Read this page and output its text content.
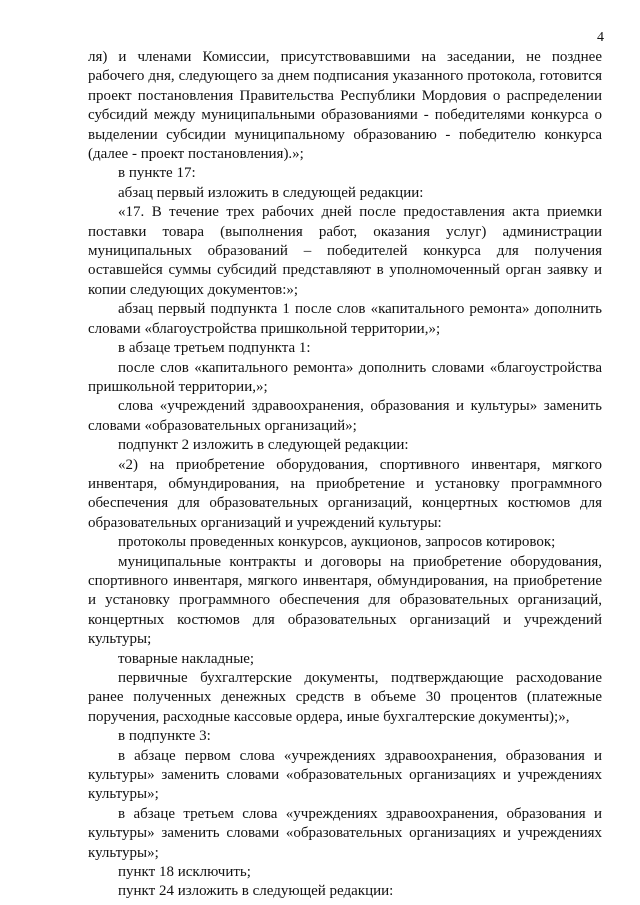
4

ля) и членами Комиссии, присутствовавшими на заседании, не позднее рабочего дня, следующего за днем подписания указанного протокола, готовится проект постановления Правительства Республики Мордовия о распределении субсидий между муниципальными образованиями - победителями конкурса о выделении субсидии муниципальному образованию - победителю конкурса (далее - проект постановления).»;

в пункте 17:

абзац первый изложить в следующей редакции:

«17. В течение трех рабочих дней после предоставления акта приемки поставки товара (выполнения работ, оказания услуг) администрации муниципальных образований – победителей конкурса для получения оставшейся суммы субсидий представляют в уполномоченный орган заявку и копии следующих документов:»;

абзац первый подпункта 1 после слов «капитального ремонта» дополнить словами «благоустройства пришкольной территории,»;

в абзаце третьем подпункта 1:

после слов «капитального ремонта» дополнить словами «благоустройства пришкольной территории,»;

слова «учреждений здравоохранения, образования и культуры» заменить словами «образовательных организаций»;

подпункт 2 изложить в следующей редакции:

«2) на приобретение оборудования, спортивного инвентаря, мягкого инвентаря, обмундирования, на приобретение и установку программного обеспечения для образовательных организаций, концертных костюмов для образовательных организаций и учреждений культуры:

протоколы проведенных конкурсов, аукционов, запросов котировок;

муниципальные контракты и договоры на приобретение оборудования, спортивного инвентаря, мягкого инвентаря, обмундирования, на приобретение и установку программного обеспечения для образовательных организаций, концертных костюмов для образовательных организаций и учреждений культуры;

товарные накладные;

первичные бухгалтерские документы, подтверждающие расходование ранее полученных денежных средств в объеме 30 процентов (платежные поручения, расходные кассовые ордера, иные бухгалтерские документы);»,

в подпункте 3:

в абзаце первом слова «учреждениях здравоохранения, образования и культуры» заменить словами «образовательных организациях и учреждениях культуры»;

в абзаце третьем слова «учреждениях здравоохранения, образования и культуры» заменить словами «образовательных организациях и учреждениях культуры»;

пункт 18 исключить;

пункт 24 изложить в следующей редакции:
